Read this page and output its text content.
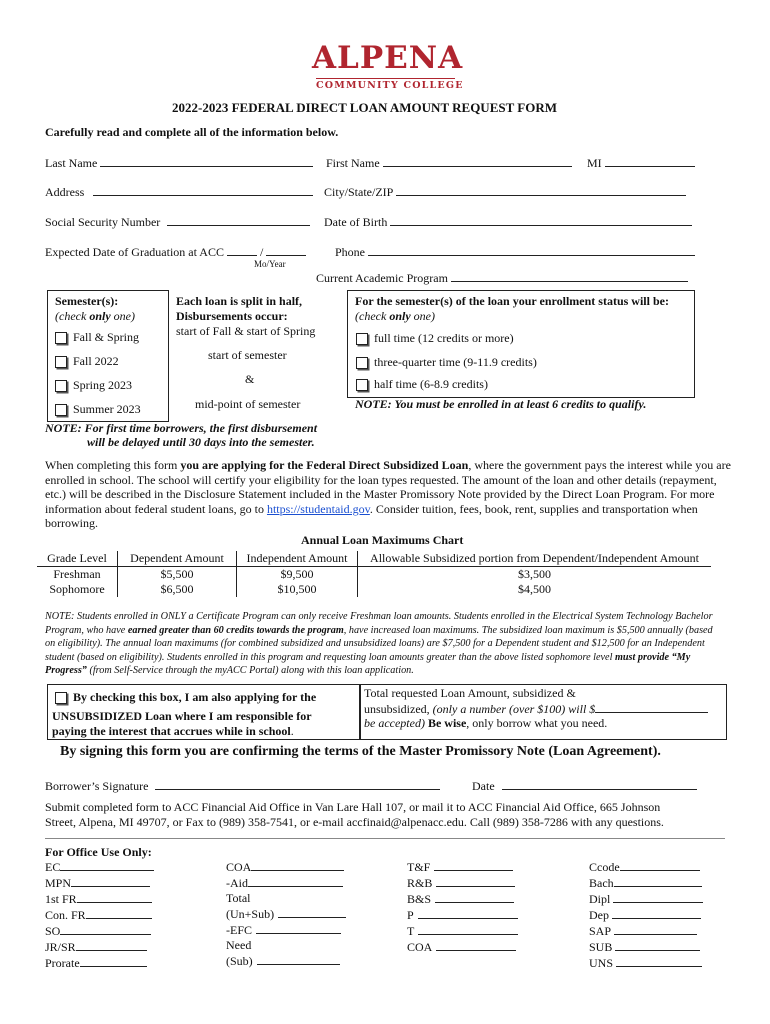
ALPENA
COMMUNITY COLLEGE
2022-2023 FEDERAL DIRECT LOAN AMOUNT REQUEST FORM
Carefully read and complete all of the information below.
Last Name	First Name	MI
Address	City/State/ZIP
Social Security Number	Date of Birth
Expected Date of Graduation at ACC	/
Mo/Year
Phone
Current Academic Program
Semester(s):
(check only one)
Fall & Spring
Fall 2022
Spring 2023
Summer 2023
Each loan is split in half,
Disbursements occur:
start of Fall & start of Spring
start of semester
&
mid-point of semester
For the semester(s) of the loan your enrollment status will be:
(check only one)
full time (12 credits or more)
three-quarter time (9-11.9 credits)
half time (6-8.9 credits)
NOTE: You must be enrolled in at least 6 credits to qualify.
NOTE: For first time borrowers, the first disbursement
will be delayed until 30 days into the semester.
When completing this form you are applying for the Federal Direct Subsidized Loan, where the government pays the interest while you are enrolled in school. The school will certify your eligibility for the loan types requested. The amount of the loan and other details (repayment, etc.) will be described in the Disclosure Statement included in the Master Promissory Note provided by the Direct Loan Program. For more information about federal student loans, go to https://studentaid.gov. Consider tuition, fees, book, rent, supplies and transportation when borrowing.
Annual Loan Maximums Chart
Grade Level	Dependent Amount	Independent Amount	Allowable Subsidized portion from Dependent/Independent Amount
Freshman	$5,500	$9,500	$3,500
Sophomore	$6,500	$10,500	$4,500
NOTE: Students enrolled in ONLY a Certificate Program can only receive Freshman loan amounts. Students enrolled in the Electrical System Technology Bachelor Program, who have earned greater than 60 credits towards the program, have increased loan maximums. The subsidized loan maximum is $5,500 annually (based on eligibility). The annual loan maximums (for combined subsidized and unsubsidized loans) are $7,500 for a Dependent student and $12,500 for an Independent student (based on eligibility). Students enrolled in this program and requesting loan amounts greater than the above listed sophomore level must provide “My Progress” (from Self-Service through the myACC Portal) along with this loan application.
By checking this box, I am also applying for the
UNSUBSIDIZED Loan where I am responsible for
paying the interest that accrues while in school.
Total requested Loan Amount, subsidized &
unsubsidized, (only a number (over $100) will $
be accepted) Be wise, only borrow what you need.
By signing this form you are confirming the terms of the Master Promissory Note (Loan Agreement).
Borrower’s Signature	Date
Submit completed form to ACC Financial Aid Office in Van Lare Hall 107, or mail it to ACC Financial Aid Office, 665 Johnson
Street, Alpena, MI 49707, or Fax to (989) 358-7541, or e-mail accfinaid@alpenacc.edu. Call (989) 358-7286 with any questions.
For Office Use Only:
EC
MPN
1st FR
Con. FR
SO
JR/SR
Prorate
COA
-Aid
Total
(Un+Sub)
-EFC
Need
(Sub)
T&F
R&B
B&S
P
T
COA
Ccode
Bach
Dipl
Dep
SAP
SUB
UNS
